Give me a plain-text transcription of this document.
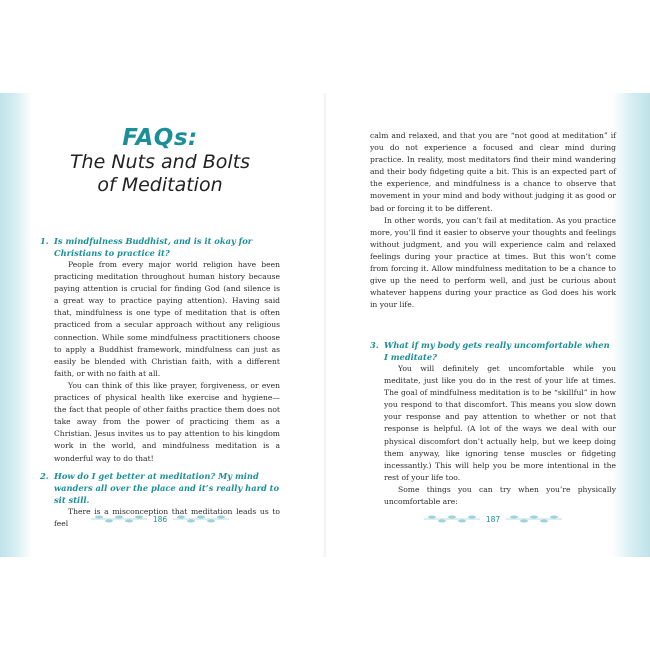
FAQs:
The Nuts and Bolts
of Meditation
1. Is mindfulness Buddhist, and is it okay for Christians to practice it?

People from every major world religion have been practicing meditation throughout human history because paying attention is crucial for finding God (and silence is a great way to practice paying attention). Having said that, mindfulness is one type of meditation that is often practiced from a secular approach without any religious connection. While some mindfulness practitioners choose to apply a Buddhist framework, mindfulness can just as easily be blended with Christian faith, with a different faith, or with no faith at all.

You can think of this like prayer, forgiveness, or even practices of physical health like exercise and hygiene—the fact that people of other faiths practice them does not take away from the power of practicing them as a Christian. Jesus invites us to pay attention to his kingdom work in the world, and mindfulness meditation is a wonderful way to do that!

2. How do I get better at meditation? My mind wanders all over the place and it’s really hard to sit still.

There is a misconception that meditation leads us to feel

186

calm and relaxed, and that you are “not good at meditation” if you do not experience a focused and clear mind during practice. In reality, most meditators find their mind wandering and their body fidgeting quite a bit. This is an expected part of the experience, and mindfulness is a chance to observe that movement in your mind and body without judging it as good or bad or forcing it to be different.

In other words, you can’t fail at meditation. As you practice more, you’ll find it easier to observe your thoughts and feelings without judgment, and you will experience calm and relaxed feelings during your practice at times. But this won’t come from forcing it. Allow mindfulness meditation to be a chance to give up the need to perform well, and just be curious about whatever happens during your practice as God does his work in your life.

3. What if my body gets really uncomfortable when I meditate?

You will definitely get uncomfortable while you meditate, just like you do in the rest of your life at times. The goal of mindfulness meditation is to be “skillful” in how you respond to that discomfort. This means you slow down your response and pay attention to whether or not that response is helpful. (A lot of the ways we deal with our physical discomfort don’t actually help, but we keep doing them anyway, like ignoring tense muscles or fidgeting incessantly.) This will help you be more intentional in the rest of your life too.

Some things you can try when you’re physically uncomfortable are:

187
